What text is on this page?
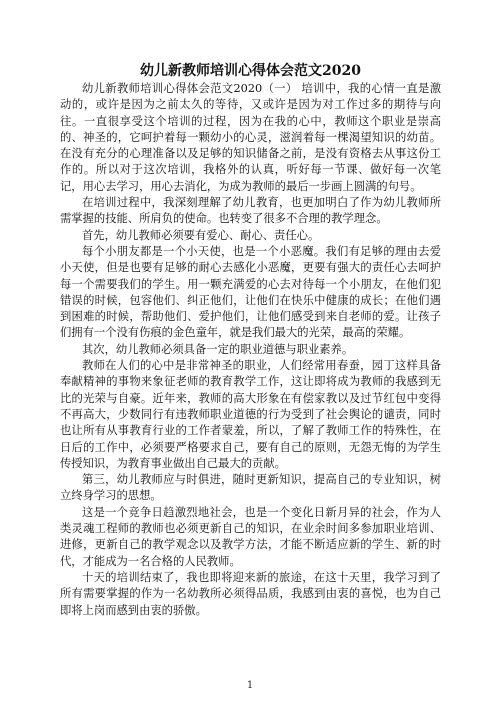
幼儿新教师培训心得体会范文2020

幼儿新教师培训心得体会范文2020（一） 培训中，我的心情一直是激动的，或许是因为之前太久的等待，又或许是因为对工作过多的期待与向往。一直很享受这个培训的过程，因为在我的心中，教师这个职业是崇高的、神圣的，它呵护着每一颗幼小的心灵，滋润着每一棵渴望知识的幼苗。在没有充分的心理准备以及足够的知识储备之前，是没有资格去从事这份工作的。所以对于这次培训，我格外的认真，听好每一节课、做好每一次笔记，用心去学习，用心去消化，为成为教师的最后一步画上圆满的句号。

在培训过程中，我深刻理解了幼儿教育，也更加明白了作为幼儿教师所需掌握的技能、所肩负的使命。也转变了很多不合理的教学理念。

首先，幼儿教师必须要有爱心、耐心、责任心。

每个小朋友都是一个小天使，也是一个小恶魔。我们有足够的理由去爱小天使，但是也要有足够的耐心去感化小恶魔，更要有强大的责任心去呵护每一个需要我们的学生。用一颗充满爱的心去对待每一个小朋友，在他们犯错误的时候，包容他们、纠正他们，让他们在快乐中健康的成长；在他们遇到困难的时候，帮助他们、爱护他们，让他们感受到来自老师的爱。让孩子们拥有一个没有伤痕的金色童年，就是我们最大的光荣，最高的荣耀。

其次，幼儿教师必须具备一定的职业道德与职业素养。

教师在人们的心中是非常神圣的职业，人们经常用春蚕，园丁这样具备奉献精神的事物来象征老师的教育教学工作，这让即将成为教师的我感到无比的光荣与自豪。近年来，教师的高大形象在有偿家教以及过节红包中变得不再高大，少数同行有违教师职业道德的行为受到了社会舆论的谴责，同时也让所有从事教育行业的工作者蒙羞，所以，了解了教师工作的特殊性，在日后的工作中，必须要严格要求自己，要有自己的原则，无怨无悔的为学生传授知识，为教育事业做出自己最大的贡献。

第三，幼儿教师应与时俱进，随时更新知识，提高自己的专业知识，树立终身学习的思想。

这是一个竞争日趋激烈地社会，也是一个变化日新月异的社会，作为人类灵魂工程师的教师也必须更新自己的知识，在业余时间多参加职业培训、进修，更新自己的教学观念以及教学方法，才能不断适应新的学生、新的时代，才能成为一名合格的人民教师。

十天的培训结束了，我也即将迎来新的旅途，在这十天里，我学习到了所有需要掌握的作为一名幼教所必须得品质，我感到由衷的喜悦，也为自己即将上岗而感到由衷的骄傲。

1
